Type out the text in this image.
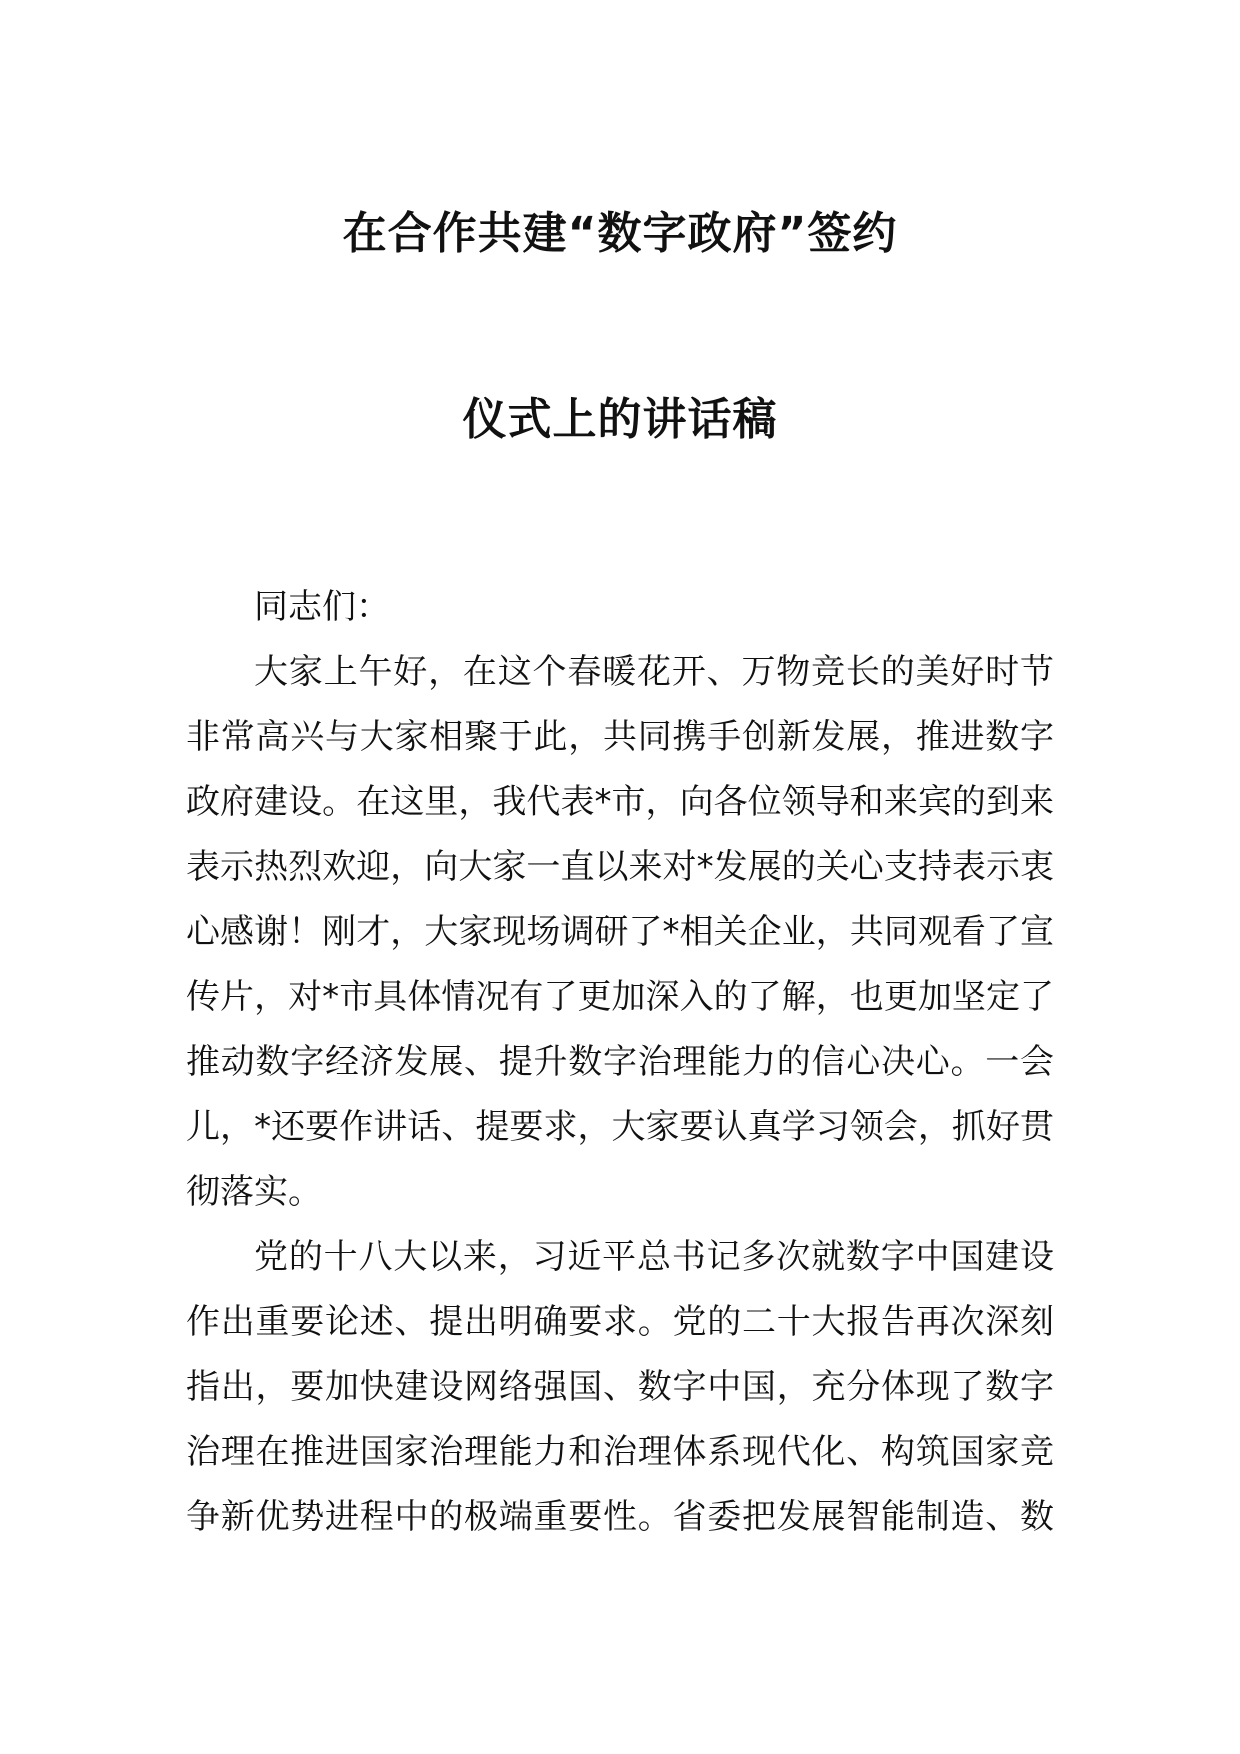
在合作共建“数字政府”签约
仪式上的讲话稿
同志们：
大家上午好，在这个春暖花开、万物竞长的美好时节
非常高兴与大家相聚于此，共同携手创新发展，推进数字
政府建设。在这里，我代表*市，向各位领导和来宾的到来
表示热烈欢迎，向大家一直以来对*发展的关心支持表示衷
心感谢！刚才，大家现场调研了*相关企业，共同观看了宣
传片，对*市具体情况有了更加深入的了解，也更加坚定了
推动数字经济发展、提升数字治理能力的信心决心。一会
儿，*还要作讲话、提要求，大家要认真学习领会，抓好贯
彻落实。
党的十八大以来，习近平总书记多次就数字中国建设
作出重要论述、提出明确要求。党的二十大报告再次深刻
指出，要加快建设网络强国、数字中国，充分体现了数字
治理在推进国家治理能力和治理体系现代化、构筑国家竞
争新优势进程中的极端重要性。省委把发展智能制造、数
